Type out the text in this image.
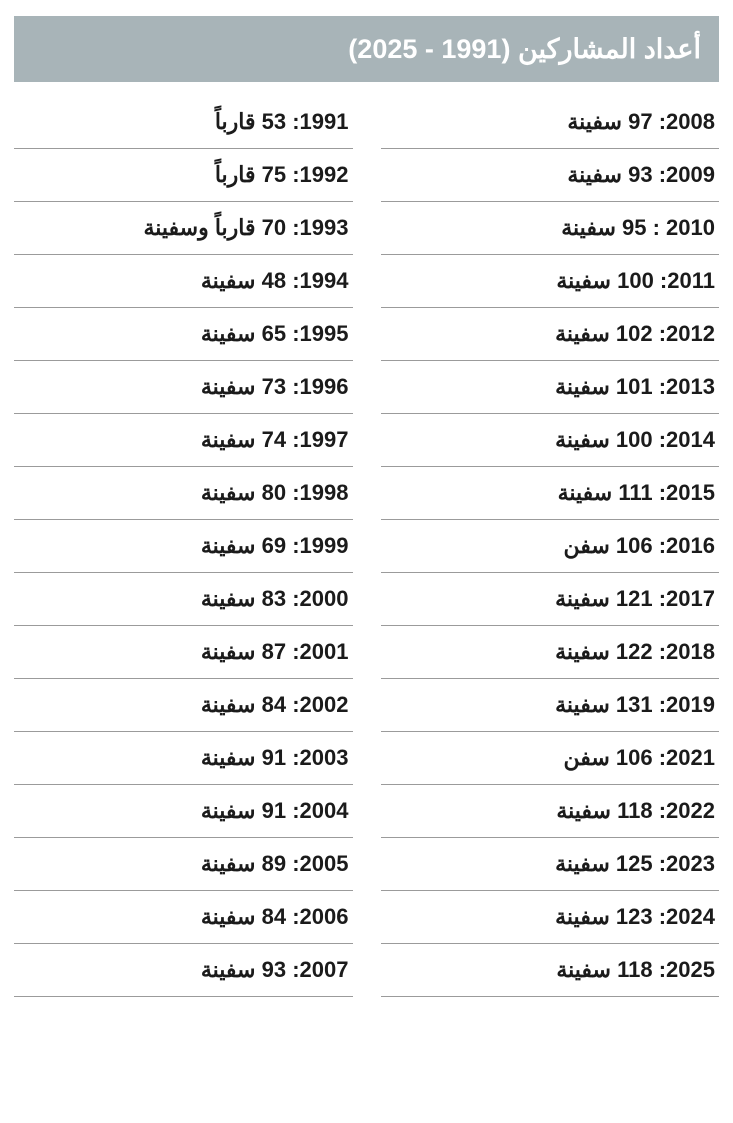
أعداد المشاركين (1991 - 2025)
2008: 97 سفينة
2009: 93 سفينة
2010 : 95 سفينة
2011: 100 سفينة
2012: 102 سفينة
2013: 101 سفينة
2014: 100 سفينة
2015: 111 سفينة
2016: 106 سفن
2017: 121 سفينة
2018: 122 سفينة
2019: 131 سفينة
2021: 106 سفن
2022: 118 سفينة
2023: 125 سفينة
2024: 123 سفينة
2025: 118 سفينة
1991: 53 قارباً
1992: 75 قارباً
1993: 70 قارباً وسفينة
1994: 48 سفينة
1995: 65 سفينة
1996: 73 سفينة
1997: 74 سفينة
1998: 80 سفينة
1999: 69 سفينة
2000: 83 سفينة
2001: 87 سفينة
2002: 84 سفينة
2003: 91 سفينة
2004: 91 سفينة
2005: 89 سفينة
2006: 84 سفينة
2007: 93 سفينة
